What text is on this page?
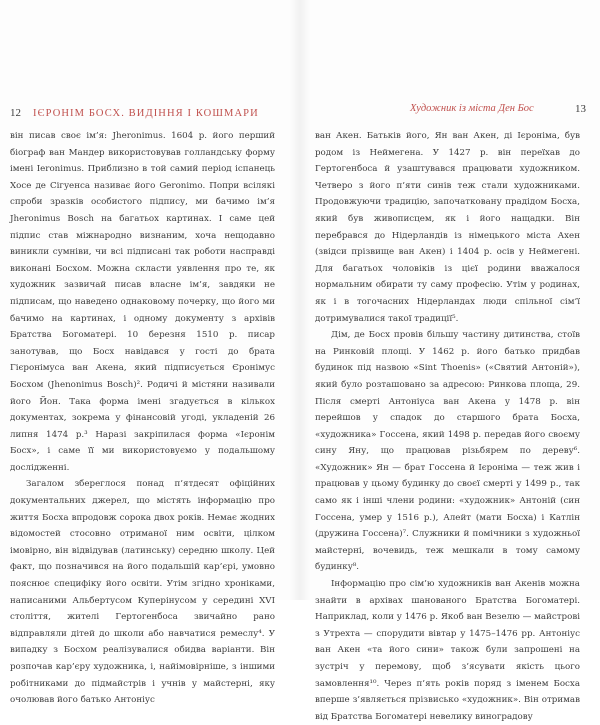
12 ІЄРОНІМ БОСХ. ВИДІННЯ І КОШМАРИ

він писав своє ім’я: Jheronimus. 1604 р. його перший біограф ван Мандер використовував голландську форму імені Ieronimus. Приблизно в той самий період іспанець Хосе де Сігуенса називає його Geronimo. Попри всілякі спроби зразків особистого підпису, ми бачимо ім’я Jheronimus Bosch на багатьох картинах. І саме цей підпис став міжнародно визнаним, хоча нещодавно виникли сумніви, чи всі підписані так роботи насправді виконані Босхом. Можна скласти уявлення про те, як художник зазвичай писав власне ім’я, завдяки не підписам, що наведено однаковому почерку, що його ми бачимо на картинах, і одному документу з архівів Братства Богоматері. 10 березня 1510 р. писар занотував, що Босх навідався у гості до брата Гієронімуса ван Акена, який підписується Єронімус Босхом (Jhenonimus Bosch)². Родичі й містяни називали його Йон. Така форма імені згадується в кількох документах, зокрема у фінансовій угоді, укладеній 26 липня 1474 р.³ Наразі закріпилася форма «Ієронім Босх», і саме її ми використовуємо у подальшому дослідженні.

Загалом збереглося понад п’ятдесят офіційних документальних джерел, що містять інформацію про життя Босха впродовж сорока двох років. Немає жодних відомостей стосовно отриманої ним освіти, цілком імовірно, він відвідував (латинську) середню школу. Цей факт, що позначився на його подальшій кар’єрі, умовно пояснює специфіку його освіти. Утім згідно хроніками, написаними Альбертусом Куперінусом у середині XVI століття, жителі Гертогенбоса звичайно рано відправляли дітей до школи або навчатися ремеслу⁴. У випадку з Босхом реалізувалися обидва варіанти. Він розпочав кар’єру художника, і, найімовірніше, з іншими робітниками до підмайстрів і учнів у майстерні, яку очолював його батько Антоніус

Художник із міста Ден Бос	13

ван Акен. Батьків його, Ян ван Акен, ді Ієроніма, був родом із Неймегена. У 1427 р. він переїхав до Гертогенбоса й узаштувався працювати художником. Четверо з його п’яти синів теж стали художниками. Продовжуючи традицію, започатковану прадідом Босха, який був живописцем, як і його нащадки. Він перебрався до Нідерландів із німецького міста Ахен (звідси прізвище ван Акен) і 1404 р. осів у Неймегені. Для багатьох чоловіків із цієї родини вважалося нормальним обирати ту саму професію. Утім у родинах, як і в тогочасних Нідерландах люди спільної сім’ї дотримувалися такої традиції⁵.

Дім, де Босх провів більшу частину дитинства, стоїв на Ринковій площі. У 1462 р. його батько придбав будинок під назвою «Sint Thoenis» («Святий Антоній»), який було розташовано за адресою: Ринкова площа, 29. Після смерті Антоніуса ван Акена у 1478 р. він перейшов у спадок до старшого брата Босха, «художника» Госсена, який 1498 р. передав його своєму сину Яну, що працював різьбярем по дереву⁶. «Художник» Ян — брат Госсена й Ієроніма — теж жив і працював у цьому будинку до своєї смерті у 1499 р., так само як і інші члени родини: «художник» Антоній (син Госсена, умер у 1516 р.), Алейт (мати Босха) і Катлін (дружина Госсена)⁷. Служники й помічники з художньої майстерні, вочевидь, теж мешкали в тому самому будинку⁸.

Інформацію про сім’ю художників ван Акенів можна знайти в архівах шанованого Братства Богоматері. Наприклад, коли у 1476 р. Якоб ван Везелю — майстрові з Утрехта — спорудити вівтар у 1475–1476 рр. Антоніус ван Акен «та його сини» також були запрошені на зустріч у перемову, щоб з’ясувати якість цього замовлення¹⁰. Через п’ять років поряд з іменем Босха вперше з’являється прізвисько «художник». Він отримав від Братства Богоматері невелику виноградову
